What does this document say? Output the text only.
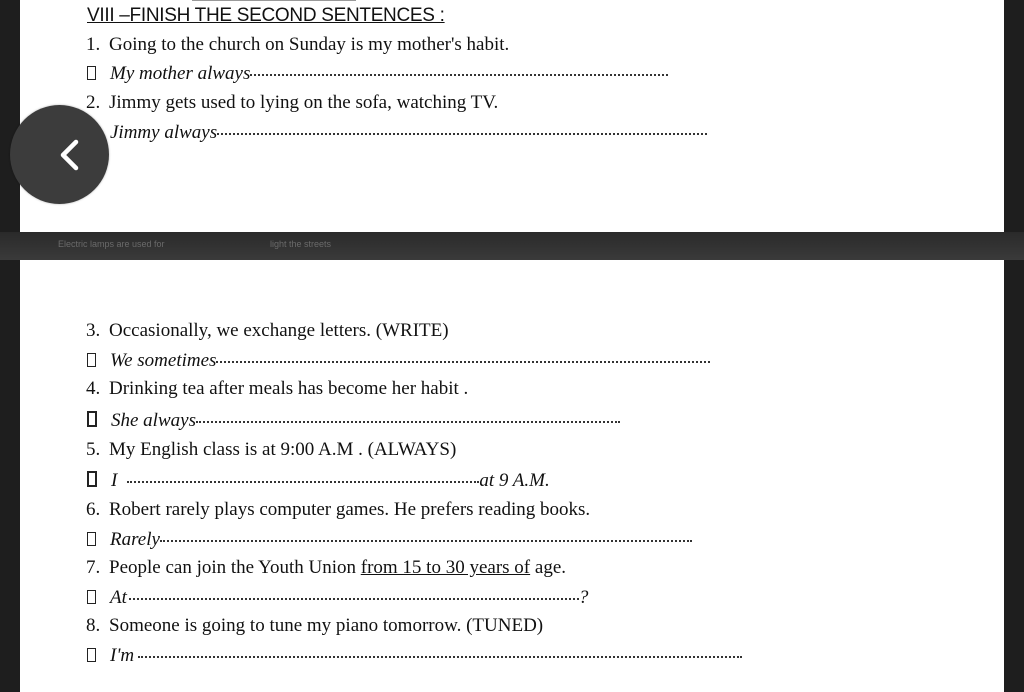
Electric lamps are used for	light the streets
VIII –FINISH THE SECOND SENTENCES :
1. Going to the church on Sunday is my mother's habit.
My mother always
2. Jimmy gets used to lying on the sofa, watching TV.
Jimmy always
3. Occasionally, we exchange letters. (WRITE)
We sometimes
4. Drinking tea after meals has become her habit .
She always
5. My English class is at 9:00 A.M . (ALWAYS)
I	at 9 A.M.
6. Robert rarely plays computer games. He prefers reading books.
Rarely
7. People can join the Youth Union from 15 to 30 years of age.
At	?
8. Someone is going to tune my piano tomorrow. (TUNED)
I'm
